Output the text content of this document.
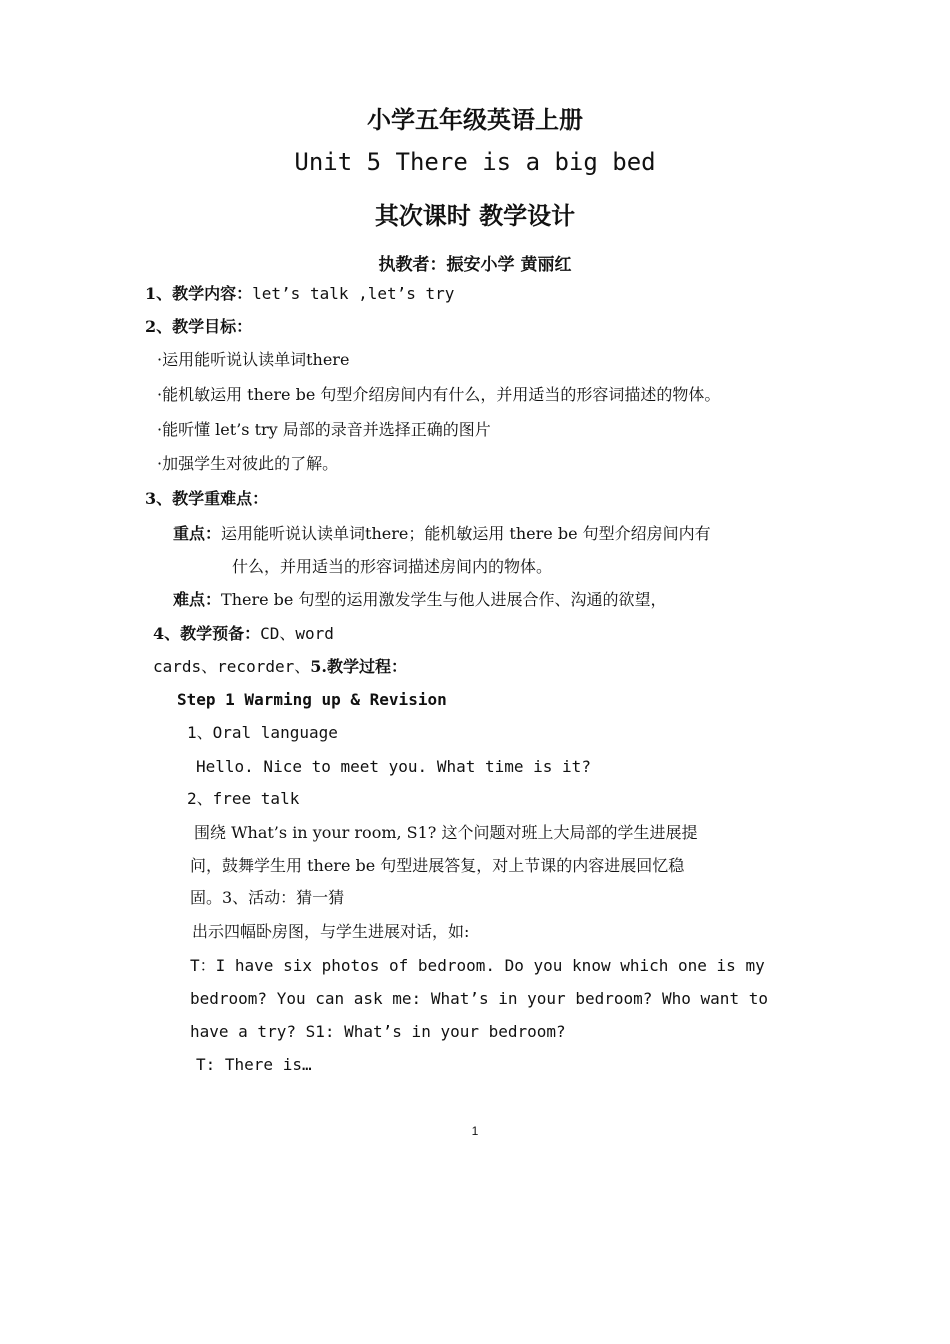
小学五年级英语上册
Unit 5 There is a big bed
其次课时 教学设计
执教者：振安小学 黄丽红
1、教学内容：let’s talk ,let’s try
2、教学目标：
·运用能听说认读单词there
·能机敏运用 there be 句型介绍房间内有什么，并用适当的形容词描述的物体。
·能听懂 let’s try 局部的录音并选择正确的图片
·加强学生对彼此的了解。
3、教学重难点：
重点：运用能听说认读单词there；能机敏运用 there be 句型介绍房间内有
什么，并用适当的形容词描述房间内的物体。
难点：There be 句型的运用激发学生与他人进展合作、沟通的欲望，
4、教学预备：CD、word
cards、recorder、5.教学过程：
Step 1 Warming up & Revision
1、Oral language
Hello. Nice to meet you. What time is it?
2、free talk
围绕 What’s in your room, S1? 这个问题对班上大局部的学生进展提
问，鼓舞学生用 there be 句型进展答复，对上节课的内容进展回忆稳
固。3、活动：猜一猜
出示四幅卧房图，与学生进展对话，如:
T：I have six photos of bedroom. Do you know which one is my
bedroom? You can ask me: What’s in your bedroom? Who want to
have a try? S1: What’s in your bedroom?
T: There is…
1
